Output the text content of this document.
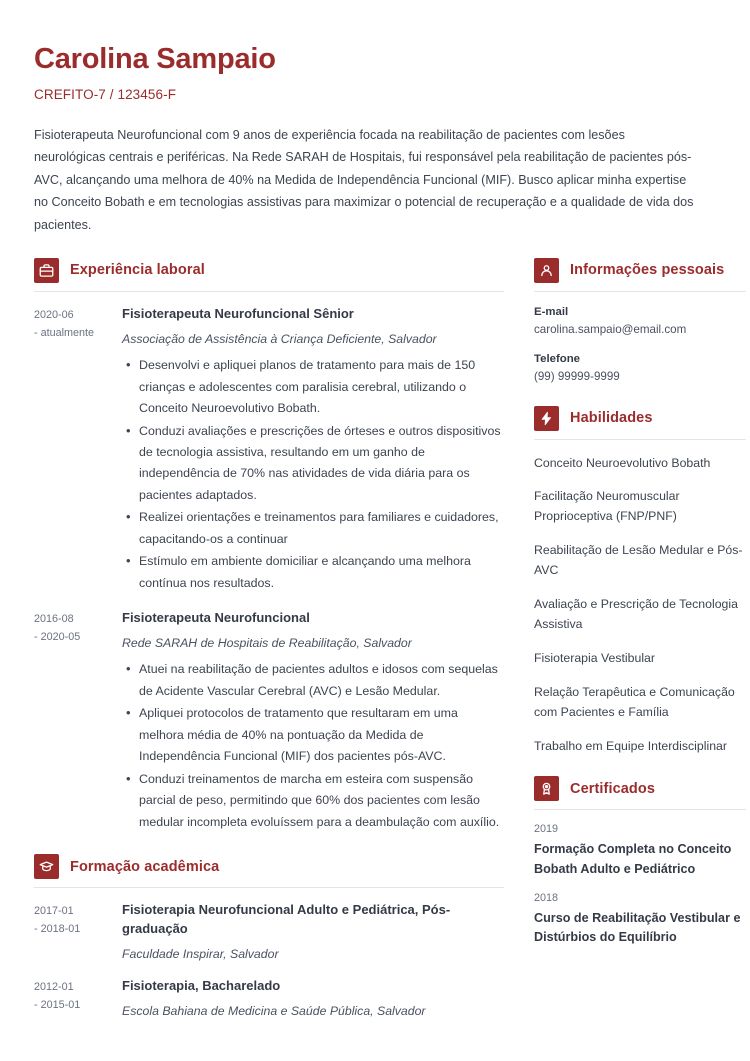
Carolina Sampaio
CREFITO-7 / 123456-F
Fisioterapeuta Neurofuncional com 9 anos de experiência focada na reabilitação de pacientes com lesões neurológicas centrais e periféricas. Na Rede SARAH de Hospitais, fui responsável pela reabilitação de pacientes pós-AVC, alcançando uma melhora de 40% na Medida de Independência Funcional (MIF). Busco aplicar minha expertise no Conceito Bobath e em tecnologias assistivas para maximizar o potencial de recuperação e a qualidade de vida dos pacientes.
Experiência laboral
2020-06
- atualmente
Fisioterapeuta Neurofuncional Sênior
Associação de Assistência à Criança Deficiente, Salvador
• Desenvolvi e apliquei planos de tratamento para mais de 150 crianças e adolescentes com paralisia cerebral, utilizando o Conceito Neuroevolutivo Bobath.
• Conduzi avaliações e prescrições de órteses e outros dispositivos de tecnologia assistiva, resultando em um ganho de independência de 70% nas atividades de vida diária para os pacientes adaptados.
• Realizei orientações e treinamentos para familiares e cuidadores, capacitando-os a continuar
• Estímulo em ambiente domiciliar e alcançando uma melhora contínua nos resultados.
2016-08
- 2020-05
Fisioterapeuta Neurofuncional
Rede SARAH de Hospitais de Reabilitação, Salvador
• Atuei na reabilitação de pacientes adultos e idosos com sequelas de Acidente Vascular Cerebral (AVC) e Lesão Medular.
• Apliquei protocolos de tratamento que resultaram em uma melhora média de 40% na pontuação da Medida de Independência Funcional (MIF) dos pacientes pós-AVC.
• Conduzi treinamentos de marcha em esteira com suspensão parcial de peso, permitindo que 60% dos pacientes com lesão medular incompleta evoluíssem para a deambulação com auxílio.
Formação acadêmica
2017-01
- 2018-01
Fisioterapia Neurofuncional Adulto e Pediátrica, Pós-graduação
Faculdade Inspirar, Salvador
2012-01
- 2015-01
Fisioterapia, Bacharelado
Escola Bahiana de Medicina e Saúde Pública, Salvador
Informações pessoais
E-mail
carolina.sampaio@email.com
Telefone
(99) 99999-9999
Habilidades
Conceito Neuroevolutivo Bobath
Facilitação Neuromuscular Proprioceptiva (FNP/PNF)
Reabilitação de Lesão Medular e Pós-AVC
Avaliação e Prescrição de Tecnologia Assistiva
Fisioterapia Vestibular
Relação Terapêutica e Comunicação com Pacientes e Família
Trabalho em Equipe Interdisciplinar
Certificados
2019
Formação Completa no Conceito Bobath Adulto e Pediátrico
2018
Curso de Reabilitação Vestibular e Distúrbios do Equilíbrio
